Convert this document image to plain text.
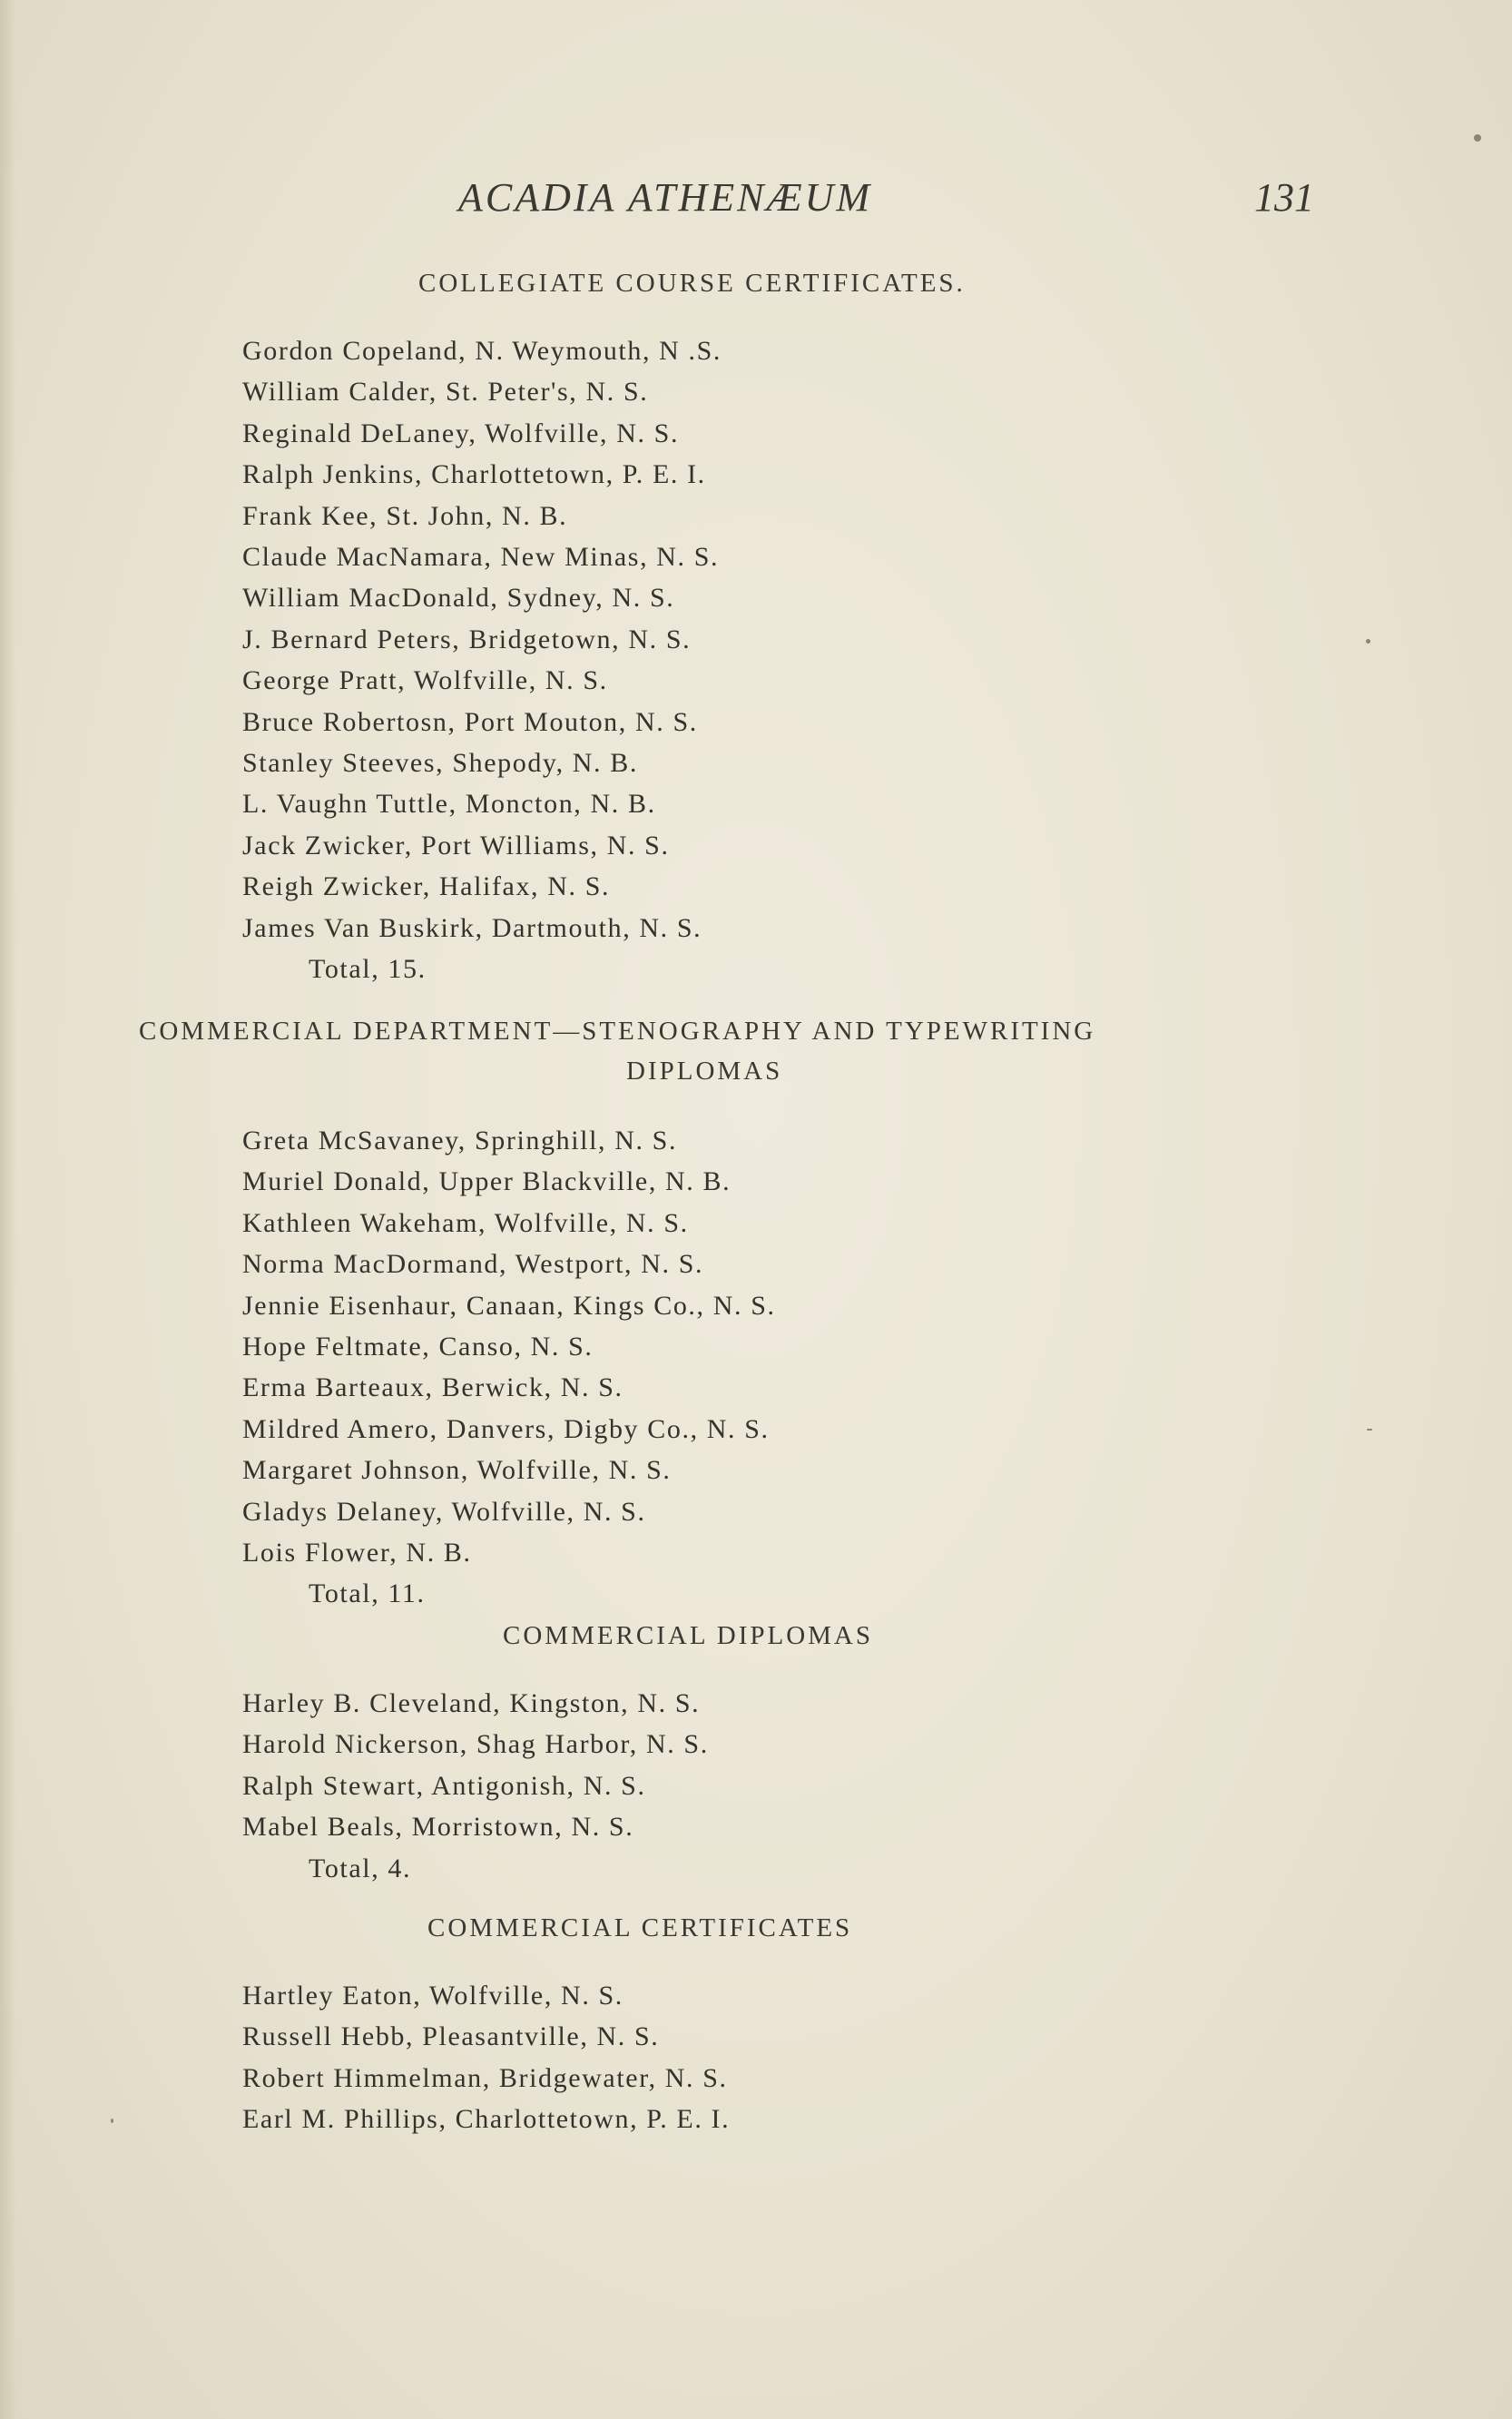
ACADIA ATHENÆUM	131
COLLEGIATE COURSE CERTIFICATES.
Gordon Copeland, N. Weymouth, N .S.
William Calder, St. Peter's, N. S.
Reginald DeLaney, Wolfville, N. S.
Ralph Jenkins, Charlottetown, P. E. I.
Frank Kee, St. John, N. B.
Claude MacNamara, New Minas, N. S.
William MacDonald, Sydney, N. S.
J. Bernard Peters, Bridgetown, N. S.
George Pratt, Wolfville, N. S.
Bruce Robertosn, Port Mouton, N. S.
Stanley Steeves, Shepody, N. B.
L. Vaughn Tuttle, Moncton, N. B.
Jack Zwicker, Port Williams, N. S.
Reigh Zwicker, Halifax, N. S.
James Van Buskirk, Dartmouth, N. S.
Total, 15.
COMMERCIAL DEPARTMENT—STENOGRAPHY AND TYPEWRITING
DIPLOMAS
Greta McSavaney, Springhill, N. S.
Muriel Donald, Upper Blackville, N. B.
Kathleen Wakeham, Wolfville, N. S.
Norma MacDormand, Westport, N. S.
Jennie Eisenhaur, Canaan, Kings Co., N. S.
Hope Feltmate, Canso, N. S.
Erma Barteaux, Berwick, N. S.
Mildred Amero, Danvers, Digby Co., N. S.
Margaret Johnson, Wolfville, N. S.
Gladys Delaney, Wolfville, N. S.
Lois Flower, N. B.
Total, 11.
COMMERCIAL DIPLOMAS
Harley B. Cleveland, Kingston, N. S.
Harold Nickerson, Shag Harbor, N. S.
Ralph Stewart, Antigonish, N. S.
Mabel Beals, Morristown, N. S.
Total, 4.
COMMERCIAL CERTIFICATES
Hartley Eaton, Wolfville, N. S.
Russell Hebb, Pleasantville, N. S.
Robert Himmelman, Bridgewater, N. S.
Earl M. Phillips, Charlottetown, P. E. I.
